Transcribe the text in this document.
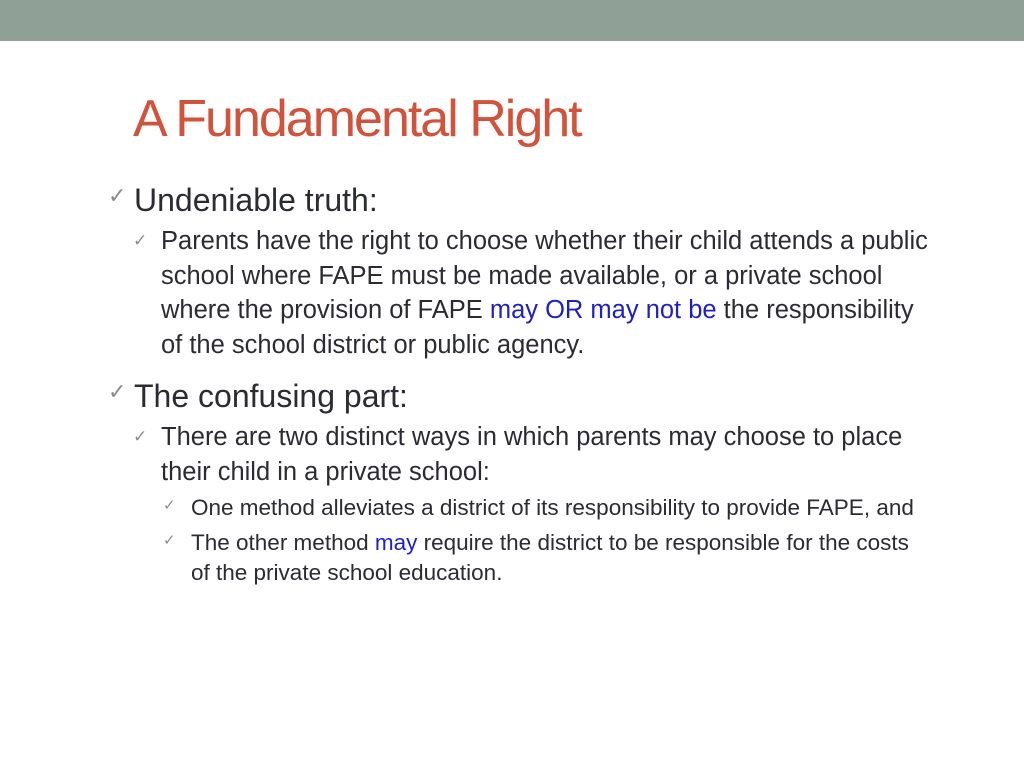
A Fundamental Right
✓ Undeniable truth:
✓ Parents have the right to choose whether their child attends a public school where FAPE must be made available, or a private school where the provision of FAPE may OR may not be the responsibility of the school district or public agency.
✓ The confusing part:
✓ There are two distinct ways in which parents may choose to place their child in a private school:
✓ One method alleviates a district of its responsibility to provide FAPE, and
✓ The other method may require the district to be responsible for the costs of the private school education.
